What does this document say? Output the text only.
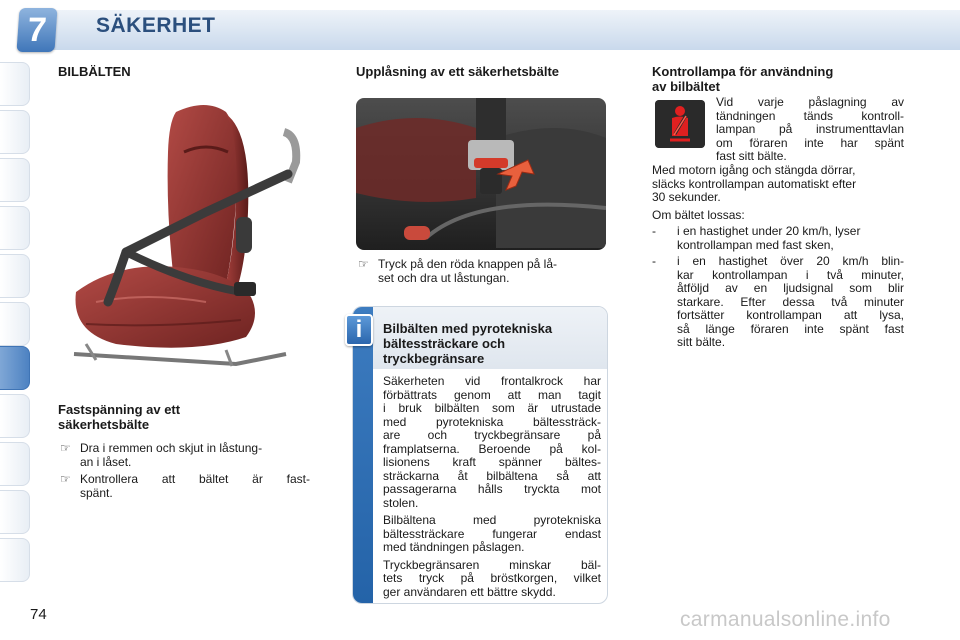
7	SÄKERHET
BILBÄLTEN
Fastspänning av ett
säkerhetsbälte
☞ Dra i remmen och skjut in låstung-
an i låset.
☞ Kontrollera att bältet är fast-
spänt.
Upplåsning av ett säkerhetsbälte
☞ Tryck på den röda knappen på lå-
set och dra ut låstungan.
Bilbälten med pyrotekniska
bältessträckare och
tryckbegränsare
Säkerheten vid frontalkrock har
förbättrats genom att man tagit
i bruk bilbälten som är utrustade
med pyrotekniska bältessträck-
are och tryckbegränsare på
framplatserna. Beroende på kol-
lisionens kraft spänner bältes-
sträckarna åt bilbältena så att
passagerarna hålls tryckta mot
stolen.
Bilbältena med pyrotekniska
bältessträckare fungerar endast
med tändningen påslagen.
Tryckbegränsaren minskar bäl-
tets tryck på bröstkorgen, vilket
ger användaren ett bättre skydd.
i
Kontrollampa för användning
av bilbältet
Vid varje påslagning av
tändningen tänds kontroll-
lampan på instrumenttavlan
om föraren inte har spänt
fast sitt bälte.
Med motorn igång och stängda dörrar,
släcks kontrollampan automatiskt efter
30 sekunder.
Om bältet lossas:
- i en hastighet under 20 km/h, lyser
kontrollampan med fast sken,
- i en hastighet över 20 km/h blin-
kar kontrollampan i två minuter,
åtföljd av en ljudsignal som blir
starkare. Efter dessa två minuter
fortsätter kontrollampan att lysa,
så länge föraren inte spänt fast
sitt bälte.
74	carmanualsonline.info
